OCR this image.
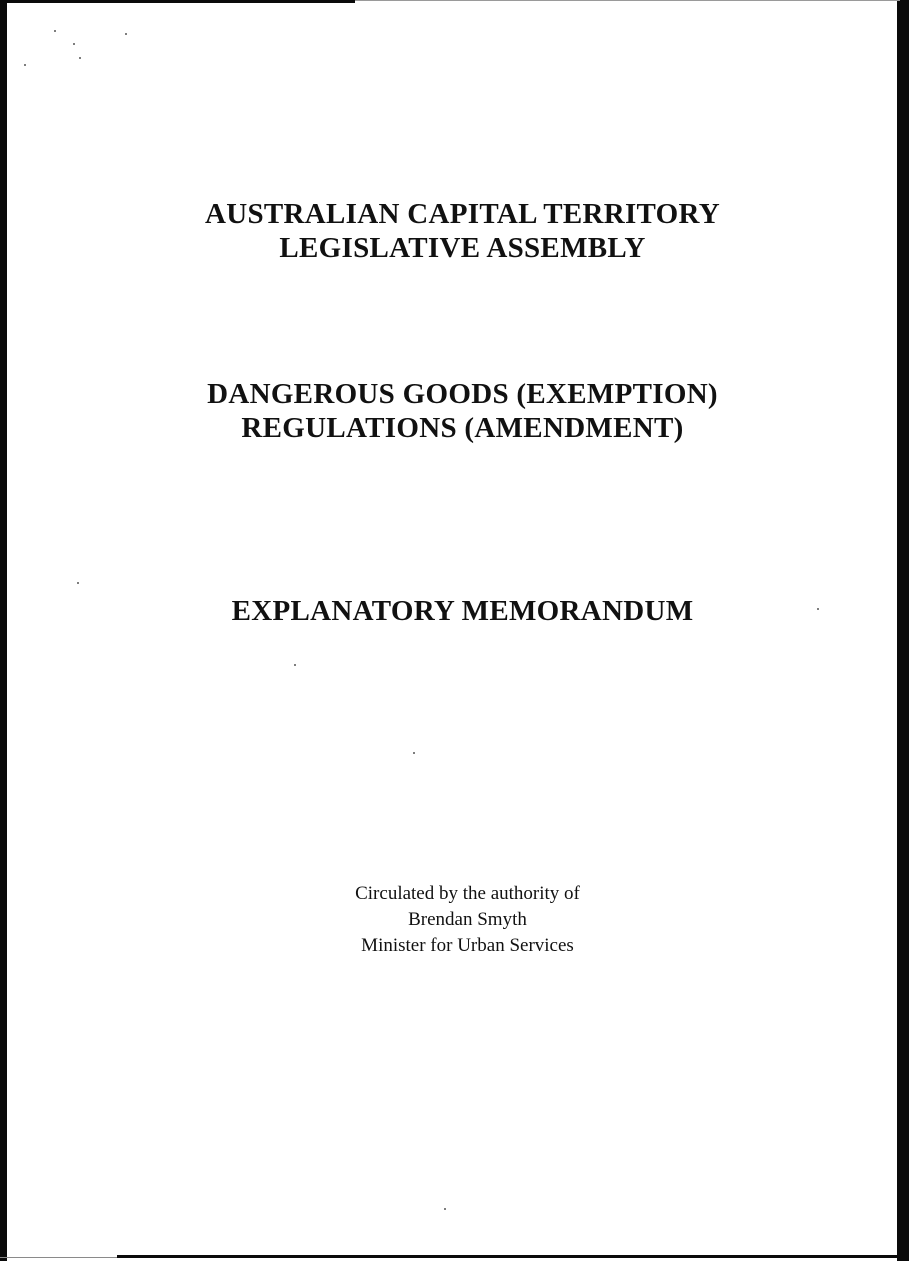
AUSTRALIAN CAPITAL TERRITORY
LEGISLATIVE ASSEMBLY
DANGEROUS GOODS (EXEMPTION)
REGULATIONS (AMENDMENT)
EXPLANATORY MEMORANDUM
Circulated by the authority of
Brendan Smyth
Minister for Urban Services
